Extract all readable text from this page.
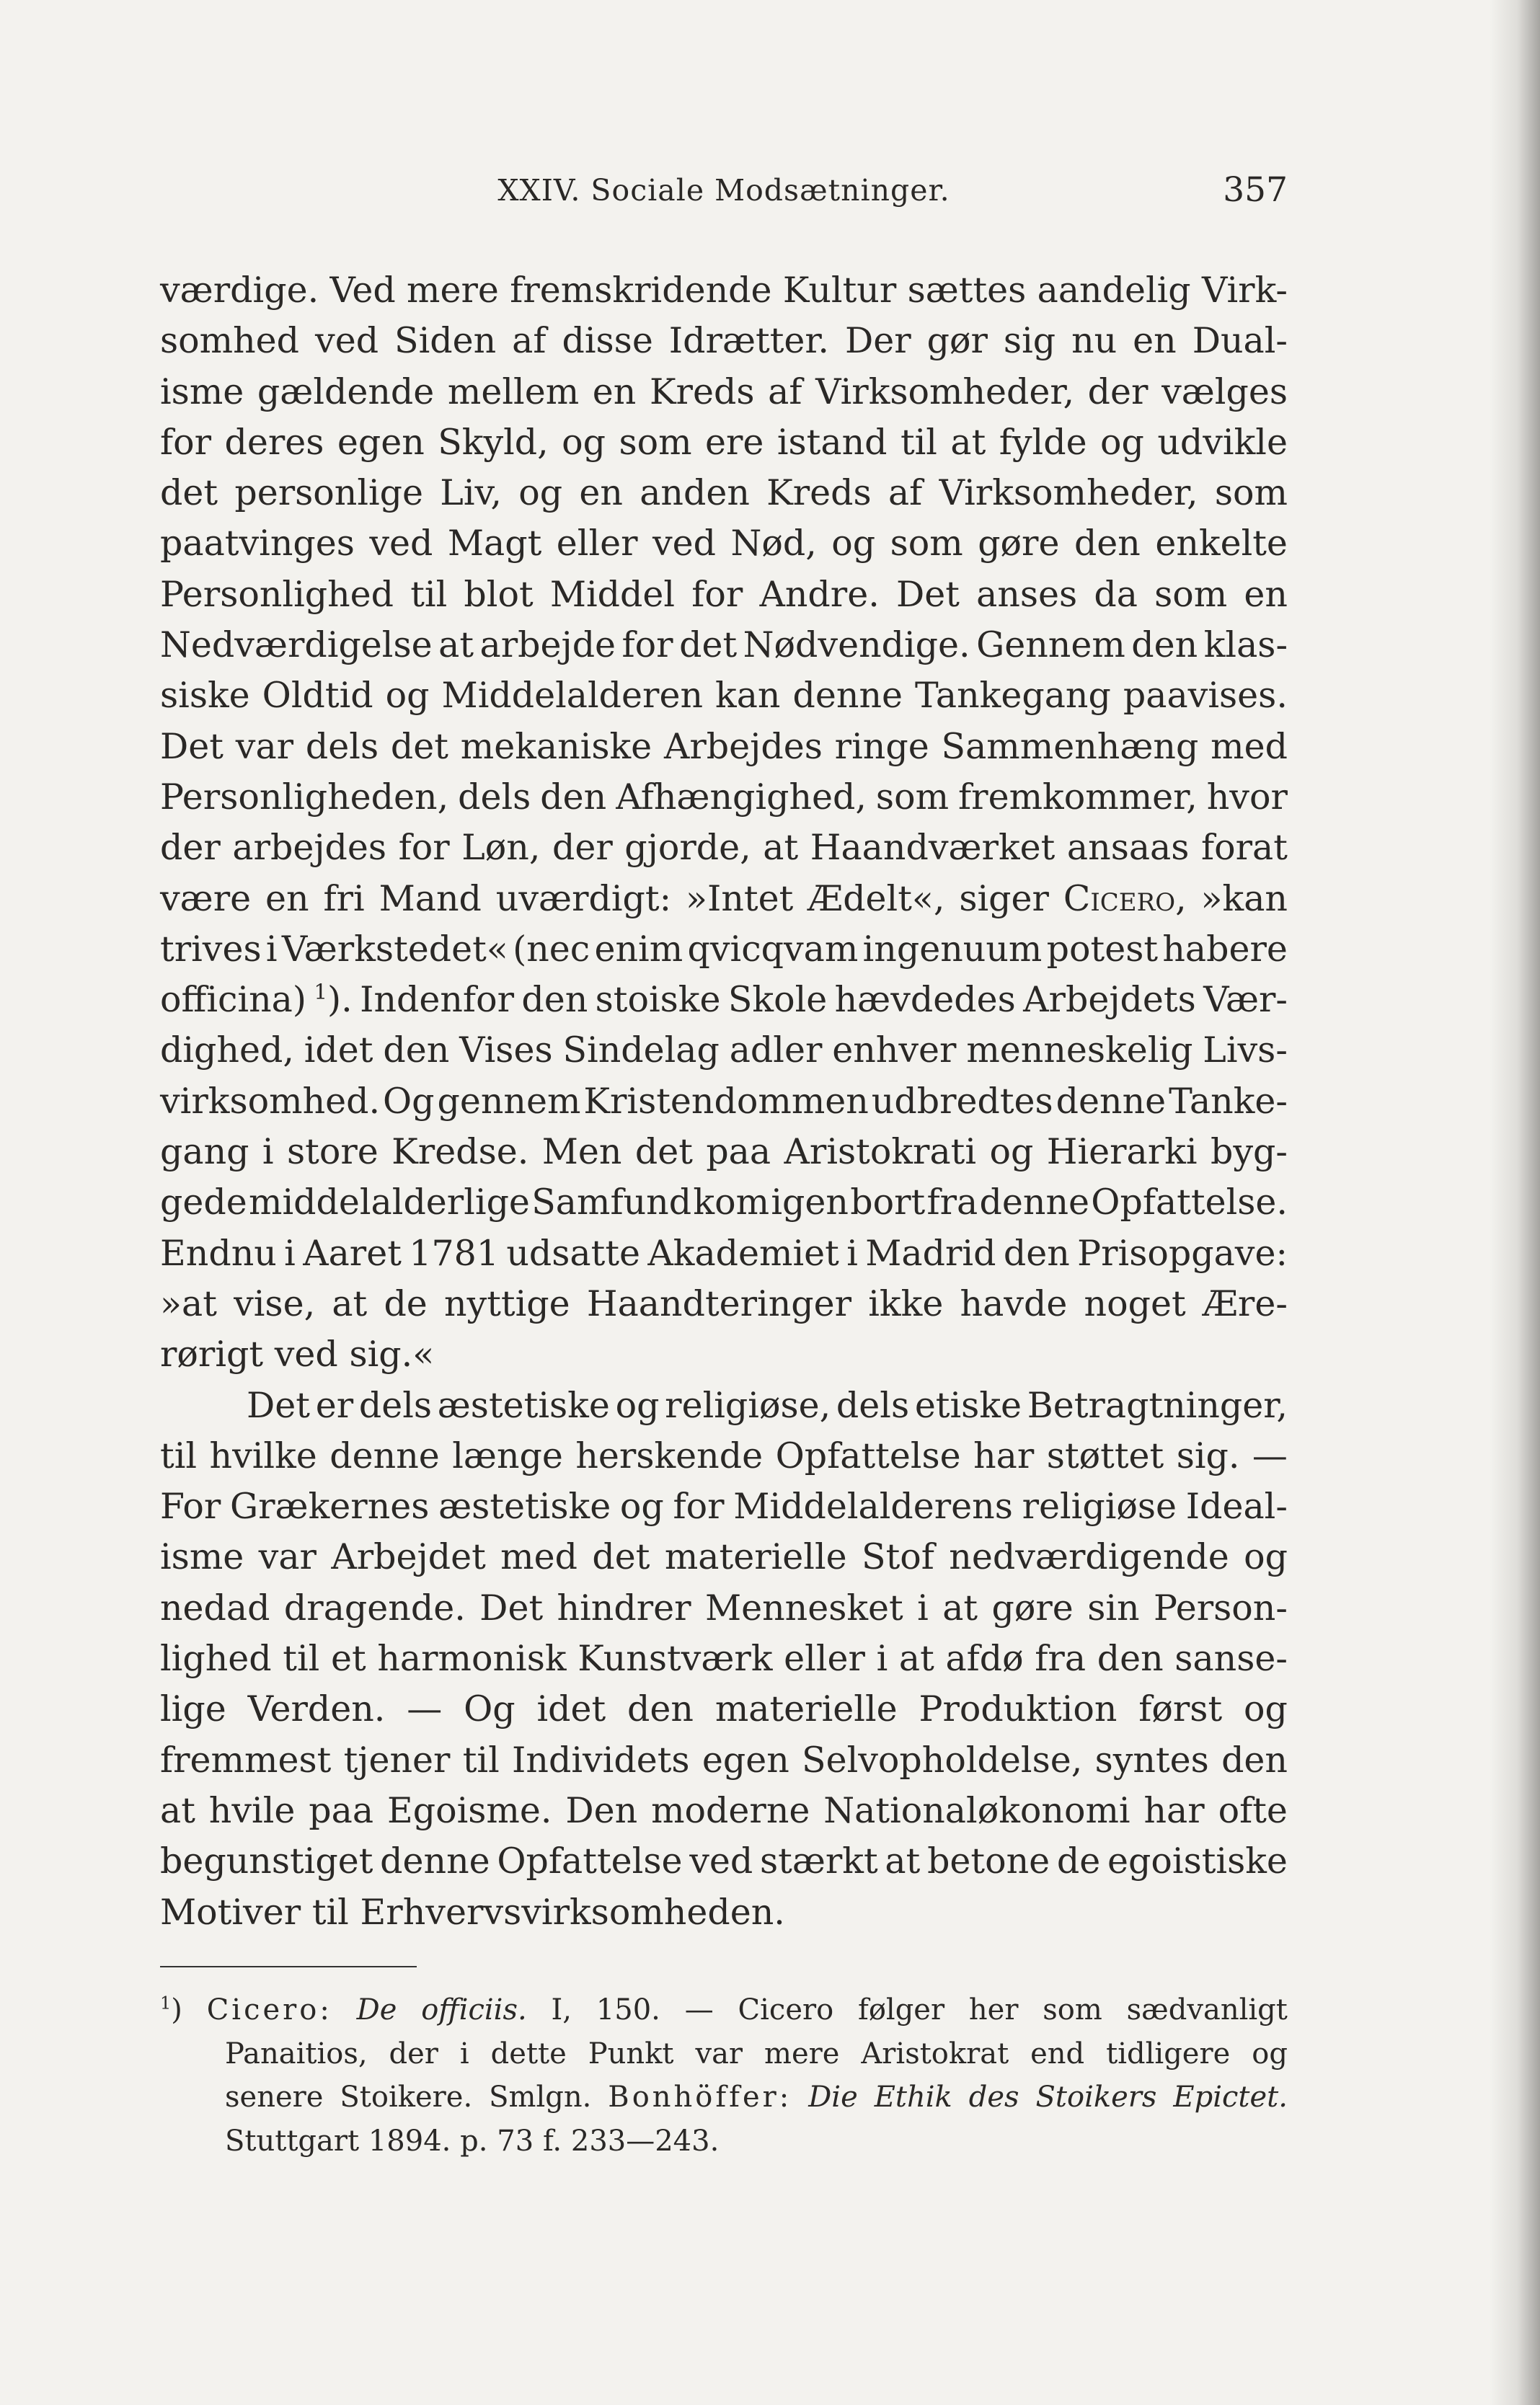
XXIV. Sociale Modsætninger.	357
værdige. Ved mere fremskridende Kultur sættes aandelig Virk-
somhed ved Siden af disse Idrætter. Der gør sig nu en Dual-
isme gældende mellem en Kreds af Virksomheder, der vælges
for deres egen Skyld, og som ere istand til at fylde og udvikle
det personlige Liv, og en anden Kreds af Virksomheder, som
paatvinges ved Magt eller ved Nød, og som gøre den enkelte
Personlighed til blot Middel for Andre. Det anses da som en
Nedværdigelse at arbejde for det Nødvendige. Gennem den klas-
siske Oldtid og Middelalderen kan denne Tankegang paavises.
Det var dels det mekaniske Arbejdes ringe Sammenhæng med
Personligheden, dels den Afhængighed, som fremkommer, hvor
der arbejdes for Løn, der gjorde, at Haandværket ansaas forat
være en fri Mand uværdigt: »Intet Ædelt«, siger Cicero, »kan
trives i Værkstedet« (nec enim qvicqvam ingenuum potest habere
officina) $^1$). Indenfor den stoiske Skole hævdedes Arbejdets Vær-
dighed, idet den Vises Sindelag adler enhver menneskelig Livs-
virksomhed. Og gennem Kristendommen udbredtes denne Tanke-
gang i store Kredse. Men det paa Aristokrati og Hierarki byg-
gede middelalderlige Samfund kom igen bort fra denne Opfattelse.
Endnu i Aaret 1781 udsatte Akademiet i Madrid den Prisopgave:
»at vise, at de nyttige Haandteringer ikke havde noget Ære-
rørigt ved sig.«
Det er dels æstetiske og religiøse, dels etiske Betragtninger,
til hvilke denne længe herskende Opfattelse har støttet sig. —
For Grækernes æstetiske og for Middelalderens religiøse Ideal-
isme var Arbejdet med det materielle Stof nedværdigende og
nedad dragende. Det hindrer Mennesket i at gøre sin Person-
lighed til et harmonisk Kunstværk eller i at afdø fra den sanse-
lige Verden. — Og idet den materielle Produktion først og
fremmest tjener til Individets egen Selvopholdelse, syntes den
at hvile paa Egoisme. Den moderne Nationaløkonomi har ofte
begunstiget denne Opfattelse ved stærkt at betone de egoistiske
Motiver til Erhvervsvirksomheden.
$^1$) Cicero: De officiis. I, 150. — Cicero følger her som sædvanligt
Panaitios, der i dette Punkt var mere Aristokrat end tidligere og
senere Stoikere. Smlgn. Bonhöffer: Die Ethik des Stoikers Epictet.
Stuttgart 1894. p. 73 f. 233—243.
